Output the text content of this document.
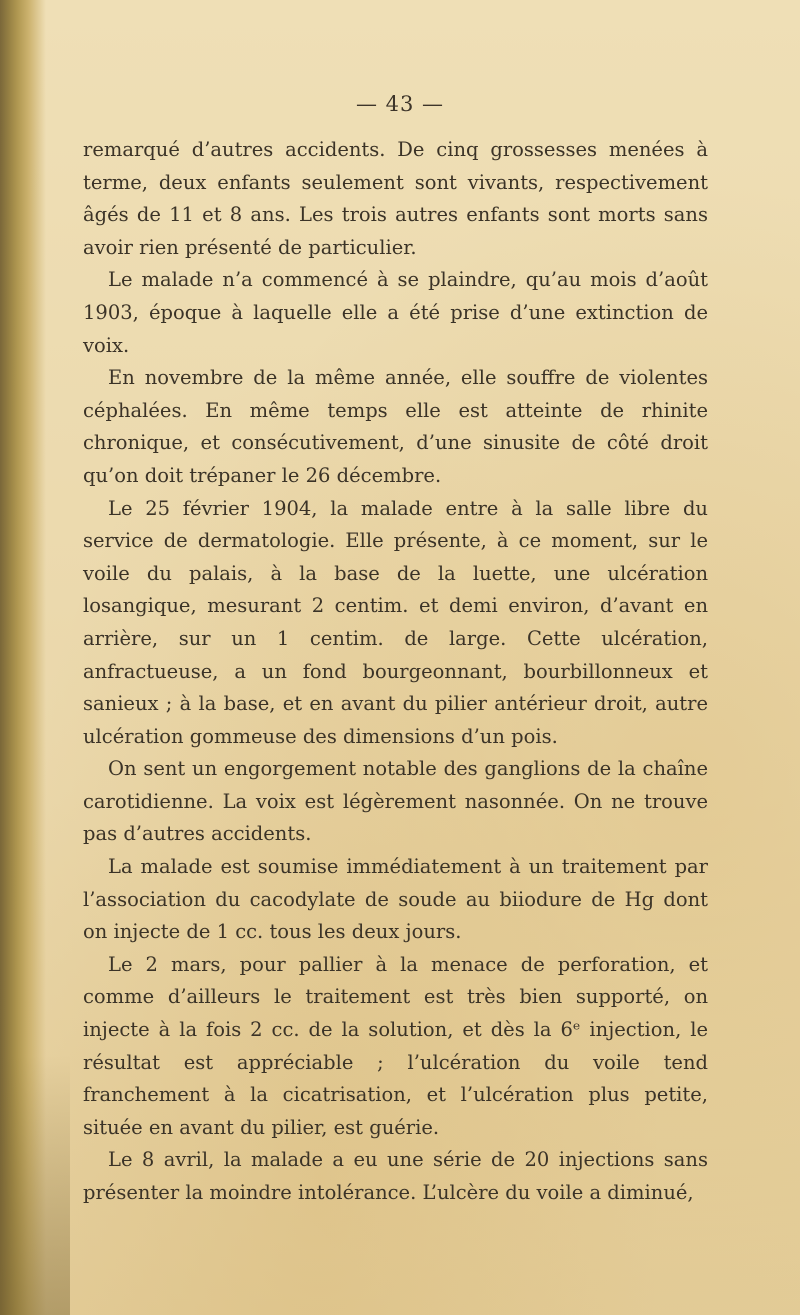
— 43 —

remarqué d’autres accidents. De cinq grossesses menées à terme, deux enfants seulement sont vivants, respectivement âgés de 11 et 8 ans. Les trois autres enfants sont morts sans avoir rien présenté de particulier.

Le malade n’a commencé à se plaindre, qu’au mois d’août 1903, époque à laquelle elle a été prise d’une extinction de voix.

En novembre de la même année, elle souffre de violentes céphalées. En même temps elle est atteinte de rhinite chronique, et consécutivement, d’une sinusite de côté droit qu’on doit trépaner le 26 décembre.

Le 25 février 1904, la malade entre à la salle libre du service de dermatologie. Elle présente, à ce moment, sur le voile du palais, à la base de la luette, une ulcération losangique, mesurant 2 centim. et demi environ, d’avant en arrière, sur un 1 centim. de large. Cette ulcération, anfractueuse, a un fond bourgeonnant, bourbillonneux et sanieux ; à la base, et en avant du pilier antérieur droit, autre ulcération gommeuse des dimensions d’un pois.

On sent un engorgement notable des ganglions de la chaîne carotidienne. La voix est légèrement nasonnée. On ne trouve pas d’autres accidents.

La malade est soumise immédiatement à un traitement par l’association du cacodylate de soude au biiodure de Hg dont on injecte de 1 cc. tous les deux jours.

Le 2 mars, pour pallier à la menace de perforation, et comme d’ailleurs le traitement est très bien supporté, on injecte à la fois 2 cc. de la solution, et dès la 6ᵉ injection, le résultat est appréciable ; l’ulcération du voile tend franchement à la cicatrisation, et l’ulcération plus petite, située en avant du pilier, est guérie.

Le 8 avril, la malade a eu une série de 20 injections sans présenter la moindre intolérance. L’ulcère du voile a diminué,
